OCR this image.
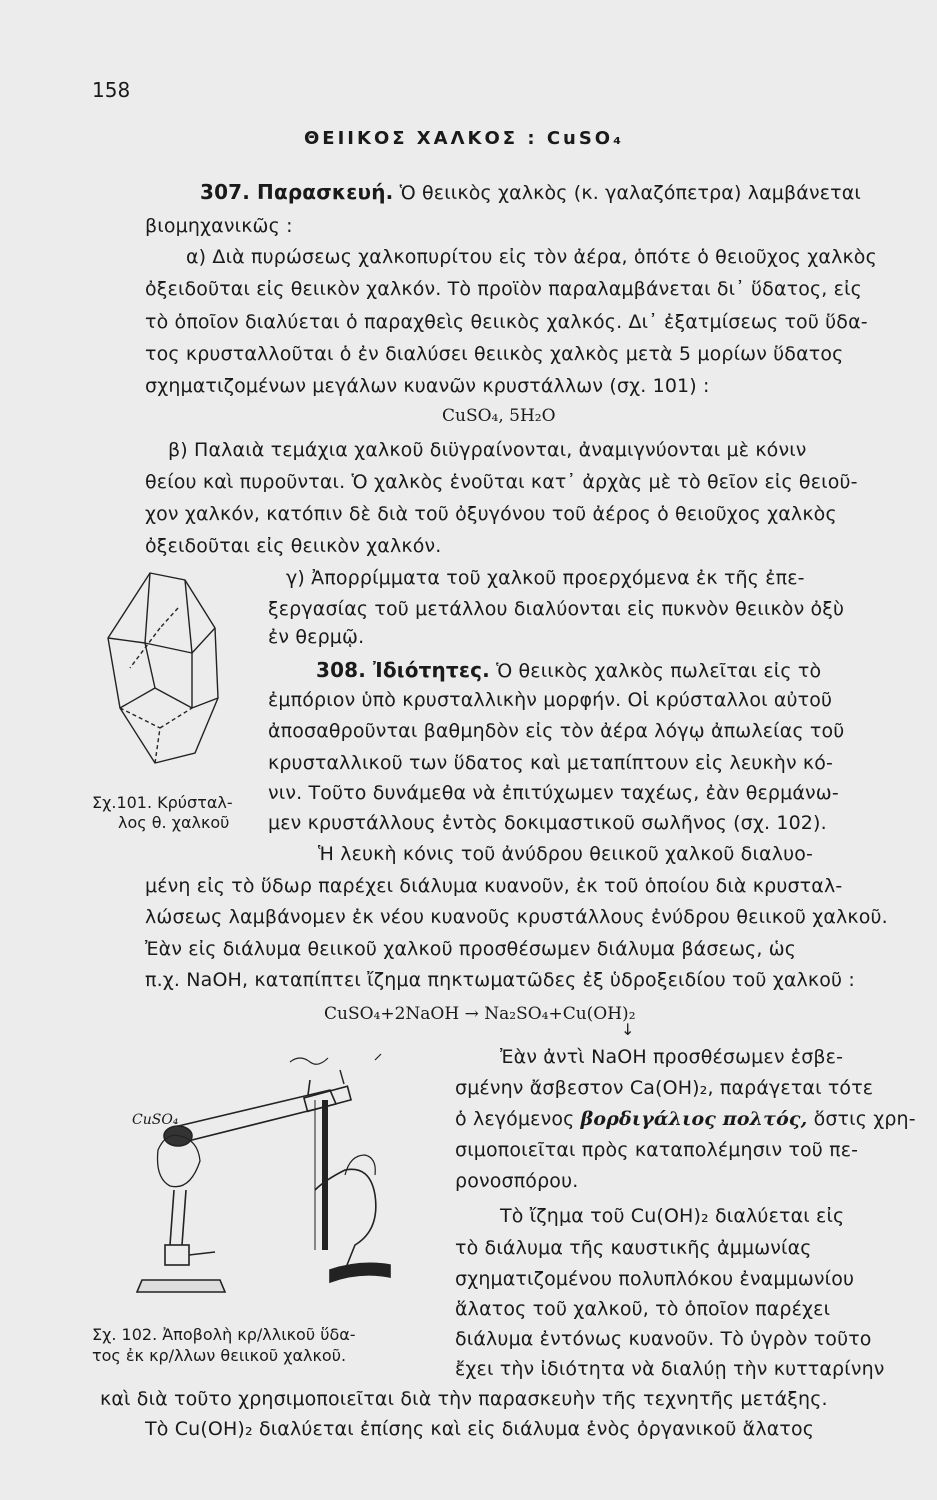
158
ΘΕΙΙΚΟΣ ΧΑΛΚΟΣ : CuSO₄
307. Παρασκευή. Ὁ θειικὸς χαλκὸς (κ. γαλαζόπετρα) λαμβάνεται
βιομηχανικῶς :
α) Διὰ πυρώσεως χαλκοπυρίτου εἰς τὸν ἀέρα, ὁπότε ὁ θειοῦχος χαλκὸς
ὀξειδοῦται εἰς θειικὸν χαλκόν. Τὸ προϊὸν παραλαμβάνεται δι᾽ ὕδατος, εἰς
τὸ ὁποῖον διαλύεται ὁ παραχθεὶς θειικὸς χαλκός. Δι᾽ ἐξατμίσεως τοῦ ὕδα-
τος κρυσταλλοῦται ὁ ἐν διαλύσει θειικὸς χαλκὸς μετὰ 5 μορίων ὕδατος
σχηματιζομένων μεγάλων κυανῶν κρυστάλλων (σχ. 101) :
CuSO₄, 5H₂O
β) Παλαιὰ τεμάχια χαλκοῦ διϋγραίνονται, ἀναμιγνύονται μὲ κόνιν
θείου καὶ πυροῦνται. Ὁ χαλκὸς ἑνοῦται κατ᾽ ἀρχὰς μὲ τὸ θεῖον εἰς θειοῦ-
χον χαλκόν, κατόπιν δὲ διὰ τοῦ ὀξυγόνου τοῦ ἀέρος ὁ θειοῦχος χαλκὸς
ὀξειδοῦται εἰς θειικὸν χαλκόν.
γ) Ἀπορρίμματα τοῦ χαλκοῦ προερχόμενα ἐκ τῆς ἐπε-
ξεργασίας τοῦ μετάλλου διαλύονται εἰς πυκνὸν θειικὸν ὀξὺ
ἐν θερμῷ.
Σχ.101. Κρύσταλ-
λος θ. χαλκοῦ
308. Ἰδιότητες. Ὁ θειικὸς χαλκὸς πωλεῖται εἰς τὸ
ἐμπόριον ὑπὸ κρυσταλλικὴν μορφήν. Οἱ κρύσταλλοι αὐτοῦ
ἀποσαθροῦνται βαθμηδὸν εἰς τὸν ἀέρα λόγῳ ἀπωλείας τοῦ
κρυσταλλικοῦ των ὕδατος καὶ μεταπίπτουν εἰς λευκὴν κό-
νιν. Τοῦτο δυνάμεθα νὰ ἐπιτύχωμεν ταχέως, ἐὰν θερμάνω-
μεν κρυστάλλους ἐντὸς δοκιμαστικοῦ σωλῆνος (σχ. 102).
Ἡ λευκὴ κόνις τοῦ ἀνύδρου θειικοῦ χαλκοῦ διαλυο-
μένη εἰς τὸ ὕδωρ παρέχει διάλυμα κυανοῦν, ἐκ τοῦ ὁποίου διὰ κρυσταλ-
λώσεως λαμβάνομεν ἐκ νέου κυανοῦς κρυστάλλους ἐνύδρου θειικοῦ χαλκοῦ.
Ἐὰν εἰς διάλυμα θειικοῦ χαλκοῦ προσθέσωμεν διάλυμα βάσεως, ὡς
π.χ. NaOH, καταπίπτει ἴζημα πηκτωματῶδες ἐξ ὑδροξειδίου τοῦ χαλκοῦ :
CuSO₄+2NaOH → Na₂SO₄+Cu(OH)₂
↓
CuSO₄
Σχ. 102. Ἀποβολὴ κρ/λλικοῦ ὕδα-
τος ἐκ κρ/λλων θειικοῦ χαλκοῦ.
Ἐὰν ἀντὶ NaOH προσθέσωμεν ἐσβε-
σμένην ἄσβεστον Ca(OH)₂, παράγεται τότε
ὁ λεγόμενος βορδιγάλιος πολτός, ὅστις χρη-
σιμοποιεῖται πρὸς καταπολέμησιν τοῦ πε-
ρονοσπόρου.
Τὸ ἴζημα τοῦ Cu(OH)₂ διαλύεται εἰς
τὸ διάλυμα τῆς καυστικῆς ἀμμωνίας
σχηματιζομένου πολυπλόκου ἐναμμωνίου
ἅλατος τοῦ χαλκοῦ, τὸ ὁποῖον παρέχει
διάλυμα ἐντόνως κυανοῦν. Τὸ ὑγρὸν τοῦτο
ἔχει τὴν ἰδιότητα νὰ διαλύῃ τὴν κυτταρίνην
καὶ διὰ τοῦτο χρησιμοποιεῖται διὰ τὴν παρασκευὴν τῆς τεχνητῆς μετάξης.
Τὸ Cu(OH)₂ διαλύεται ἐπίσης καὶ εἰς διάλυμα ἑνὸς ὀργανικοῦ ἅλατος
